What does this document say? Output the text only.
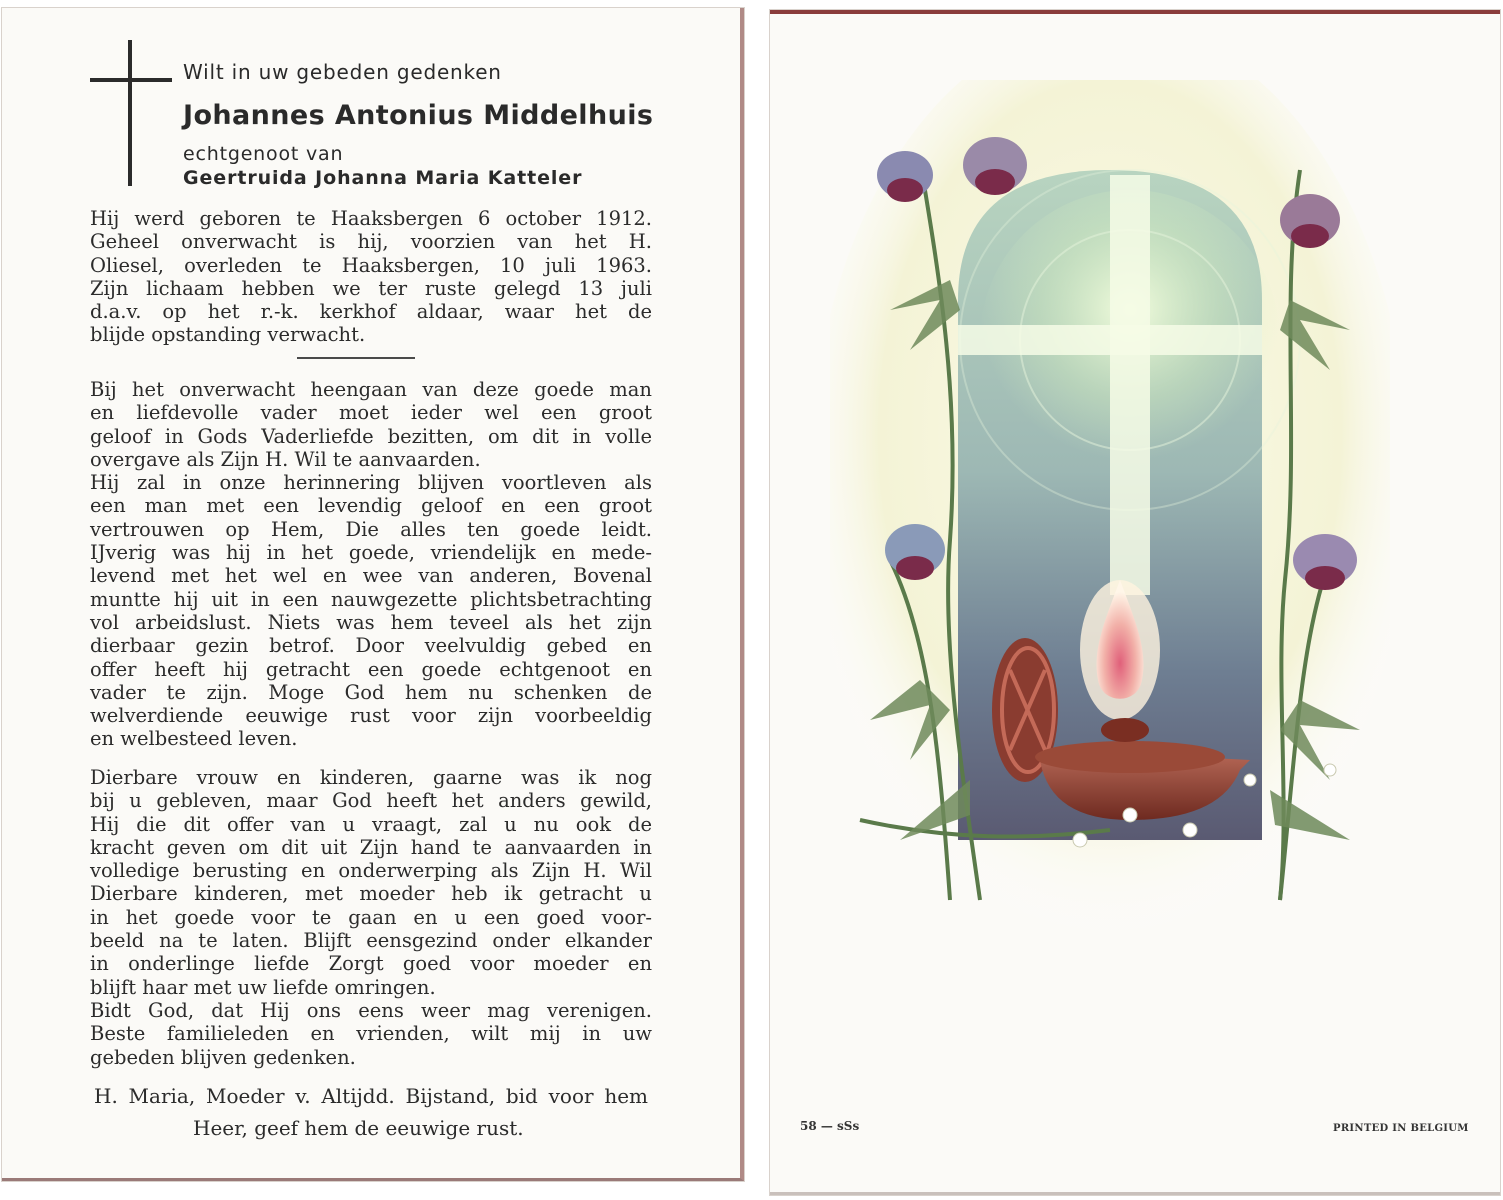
Wilt in uw gebeden gedenken
Johannes Antonius Middelhuis
echtgenoot van
Geertruida Johanna Maria Katteler
Hij werd geboren te Haaksbergen 6 october 1912.
Geheel onverwacht is hij, voorzien van het H.
Oliesel, overleden te Haaksbergen, 10 juli 1963.
Zijn lichaam hebben we ter ruste gelegd 13 juli
d.a.v. op het r.-k. kerkhof aldaar, waar het de
blijde opstanding verwacht.
Bij het onverwacht heengaan van deze goede man
en liefdevolle vader moet ieder wel een groot
geloof in Gods Vaderliefde bezitten, om dit in volle
overgave als Zijn H. Wil te aanvaarden.
Hij zal in onze herinnering blijven voortleven als
een man met een levendig geloof en een groot
vertrouwen op Hem, Die alles ten goede leidt.
IJverig was hij in het goede, vriendelijk en mede-
levend met het wel en wee van anderen, Bovenal
muntte hij uit in een nauwgezette plichtsbetrachting
vol arbeidslust. Niets was hem teveel als het zijn
dierbaar gezin betrof. Door veelvuldig gebed en
offer heeft hij getracht een goede echtgenoot en
vader te zijn. Moge God hem nu schenken de
welverdiende eeuwige rust voor zijn voorbeeldig
en welbesteed leven.
Dierbare vrouw en kinderen, gaarne was ik nog
bij u gebleven, maar God heeft het anders gewild,
Hij die dit offer van u vraagt, zal u nu ook de
kracht geven om dit uit Zijn hand te aanvaarden in
volledige berusting en onderwerping als Zijn H. Wil
Dierbare kinderen, met moeder heb ik getracht u
in het goede voor te gaan en u een goed voor-
beeld na te laten. Blijft eensgezind onder elkander
in onderlinge liefde Zorgt goed voor moeder en
blijft haar met uw liefde omringen.
Bidt God, dat Hij ons eens weer mag verenigen.
Beste familieleden en vrienden, wilt mij in uw
gebeden blijven gedenken.
H. Maria, Moeder v. Altijdd. Bijstand, bid voor hem
Heer, geef hem de eeuwige rust.	58 — sSs	PRINTED IN BELGIUM
